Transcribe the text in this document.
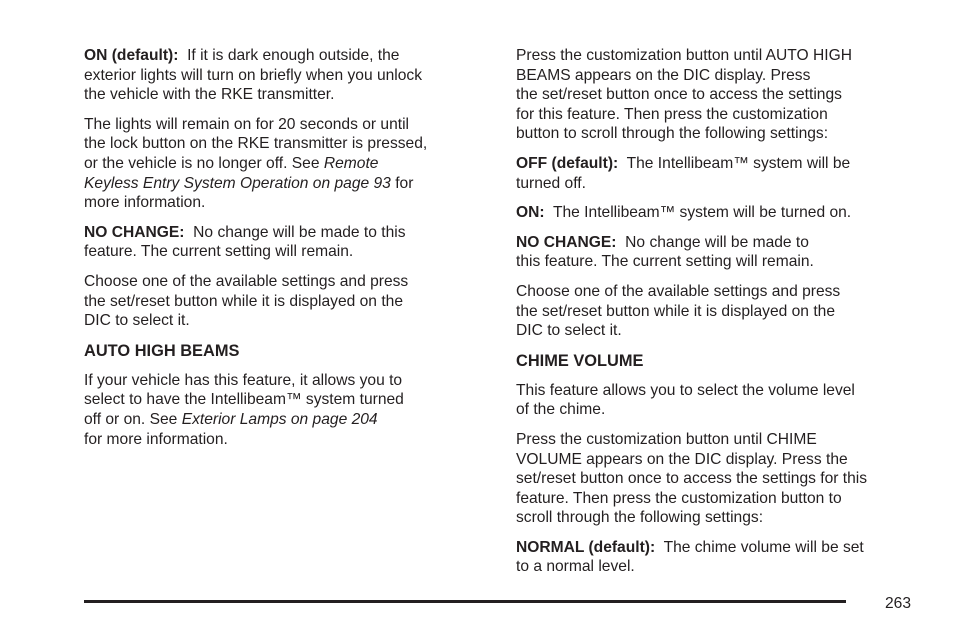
ON (default): If it is dark enough outside, the
exterior lights will turn on briefly when you unlock
the vehicle with the RKE transmitter.

The lights will remain on for 20 seconds or until
the lock button on the RKE transmitter is pressed,
or the vehicle is no longer off. See Remote
Keyless Entry System Operation on page 93 for
more information.

NO CHANGE: No change will be made to this
feature. The current setting will remain.

Choose one of the available settings and press
the set/reset button while it is displayed on the
DIC to select it.

AUTO HIGH BEAMS

If your vehicle has this feature, it allows you to
select to have the Intellibeam™ system turned
off or on. See Exterior Lamps on page 204
for more information.

Press the customization button until AUTO HIGH
BEAMS appears on the DIC display. Press
the set/reset button once to access the settings
for this feature. Then press the customization
button to scroll through the following settings:

OFF (default): The Intellibeam™ system will be
turned off.

ON: The Intellibeam™ system will be turned on.

NO CHANGE: No change will be made to
this feature. The current setting will remain.

Choose one of the available settings and press
the set/reset button while it is displayed on the
DIC to select it.

CHIME VOLUME

This feature allows you to select the volume level
of the chime.

Press the customization button until CHIME
VOLUME appears on the DIC display. Press the
set/reset button once to access the settings for this
feature. Then press the customization button to
scroll through the following settings:

NORMAL (default): The chime volume will be set
to a normal level.

263
